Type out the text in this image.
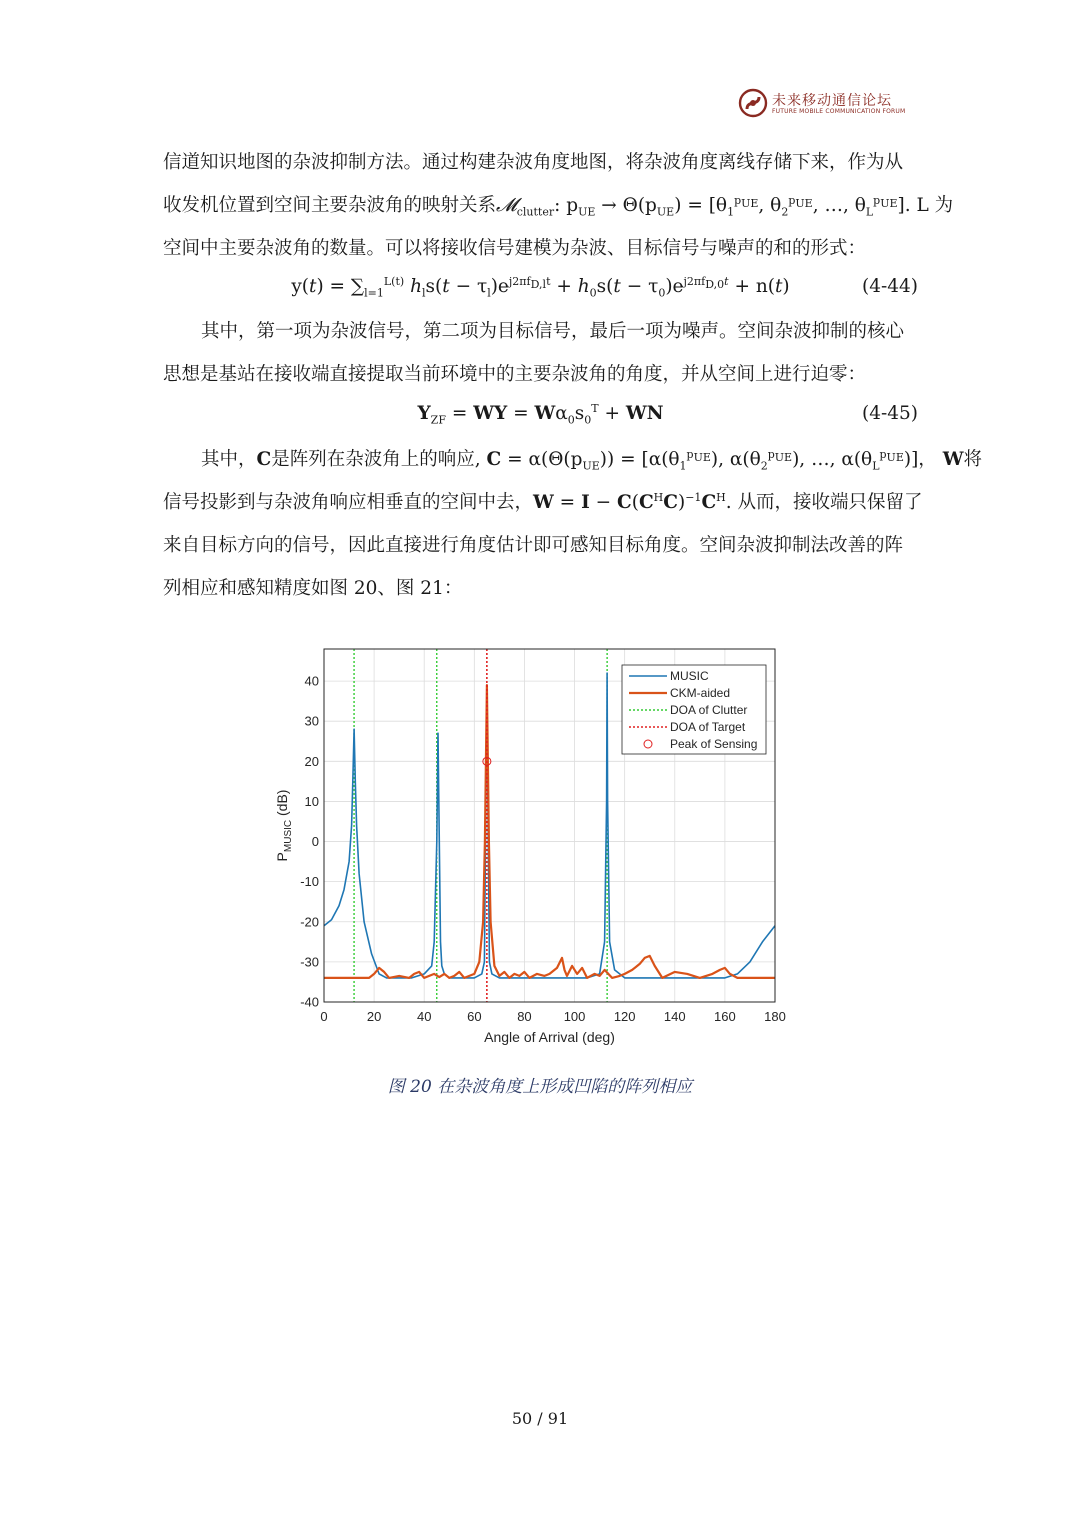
未来移动通信论坛
FUTURE MOBILE COMMUNICATION FORUM
信道知识地图的杂波抑制方法。通过构建杂波角度地图，将杂波角度离线存储下来，作为从
收发机位置到空间主要杂波角的映射关系𝓜$_{clutter}$: $p_{UE} \to \Theta(p_{UE}) = [\theta_1^{p_{UE}}$, $\theta_2^{p_{UE}}$, …, $\theta_L^{p_{UE}}$]. L 为
空间中主要杂波角的数量。可以将接收信号建模为杂波、目标信号与噪声的和的形式：
$y(t) = \sum_{l=1}^{L(t)}$ $h_ls(t - \tau_l)e^{j2\pi f_{D,l}t} + h_0s(t - \tau_0)e^{j2\pi f_{D,0}t} + n(t)$	(4-44)
其中，第一项为杂波信号，第二项为目标信号，最后一项为噪声。空间杂波抑制的核心
思想是基站在接收端直接提取当前环境中的主要杂波角的角度，并从空间上进行迫零：
$Y_{ZF}$ = WY = $W\alpha_0s_0^T$ + WN	(4-45)
其中，C是阵列在杂波角上的响应, $C = \alpha(\Theta(p_{UE})) = [\alpha(\theta_1^{p_{UE}})$, $\alpha(\theta_2^{p_{UE}})$, …, $\alpha(\theta_L^{p_{UE}})$]， W将
信号投影到与杂波角响应相垂直的空间中去，$W = I - C(C^HC)^{-1}C^H$. 从而，接收端只保留了
来自目标方向的信号，因此直接进行角度估计即可感知目标角度。空间杂波抑制法改善的阵
列相应和感知精度如图 20、图 21：
0	20	40	60	80 100 120 140 160 180
40
30
20
10
0
-10
-20
-30
-40
Angle of Arrival (deg)
$P_{MUSIC}$ (dB)
MUSIC
CKM-aided
DOA of Clutter
DOA of Target
Peak of Sensing
图 20 在杂波角度上形成凹陷的阵列相应
50 / 91
